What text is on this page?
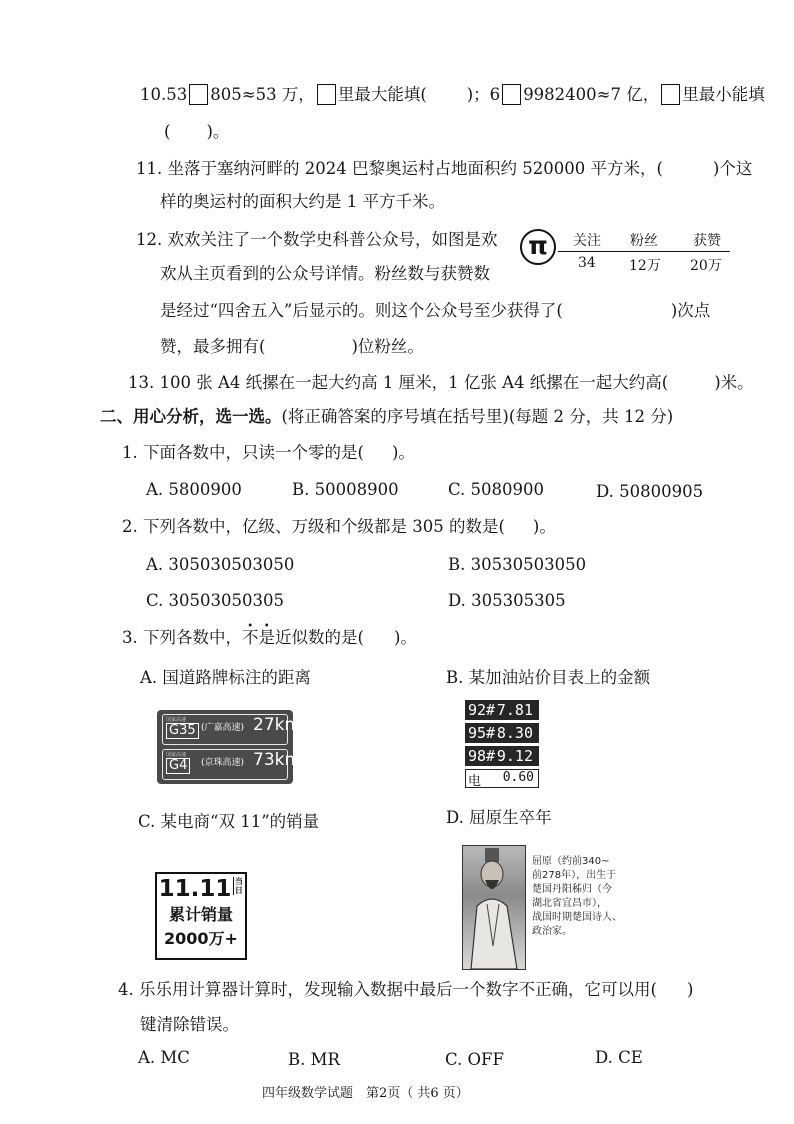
10.53 805≈53 万， 里最大能填( )；6 9982400≈7 亿， 里最小能填
( )。
11. 坐落于塞纳河畔的 2024 巴黎奥运村占地面积约 520000 平方米，(	)个这
样的奥运村的面积大约是 1 平方千米。
12. 欢欢关注了一个数学史科普公众号，如图是欢
欢从主页看到的公众号详情。粉丝数与获赞数
是经过“四舍五入”后显示的。则这个公众号至少获得了(	)次点
赞，最多拥有(	)位粉丝。
π	关注 粉丝	获赞
34 12万 20万
13. 100 张 A4 纸摞在一起大约高 1 厘米，1 亿张 A4 纸摞在一起大约高(	)米。
二、用心分析，选一选。(将正确答案的序号填在括号里)(每题 2 分，共 12 分)
1. 下面各数中，只读一个零的是( )。
A. 5800900	B. 50008900	C. 5080900	D. 50800905
2. 下列各数中，亿级、万级和个级都是 305 的数是( )。
A. 305030503050	B. 30530503050
C. 30503050305	D. 305305305
3. 下列各数中，不是近似数的是( )。
A. 国道路牌标注的距离	B. 某加油站价目表上的金额
国家高速
G35 (广嘉高速) 27km
国家高速
G4	(京珠高速) 73km
92# 7.81
95# 8.30
98# 9.12
电 0.60
C. 某电商“双 11”的销量	D. 屈原生卒年
11.11 当日
累计销量
2000万+
屈原（约前340~
前278年），出生于
楚国丹阳秭归（今
湖北省宜昌市），
战国时期楚国诗人、
政治家。
4. 乐乐用计算器计算时，发现输入数据中最后一个数字不正确，它可以用( )
键清除错误。
A. MC	B. MR	C. OFF	D. CE
四年级数学试题　第2页（ 共6 页）
